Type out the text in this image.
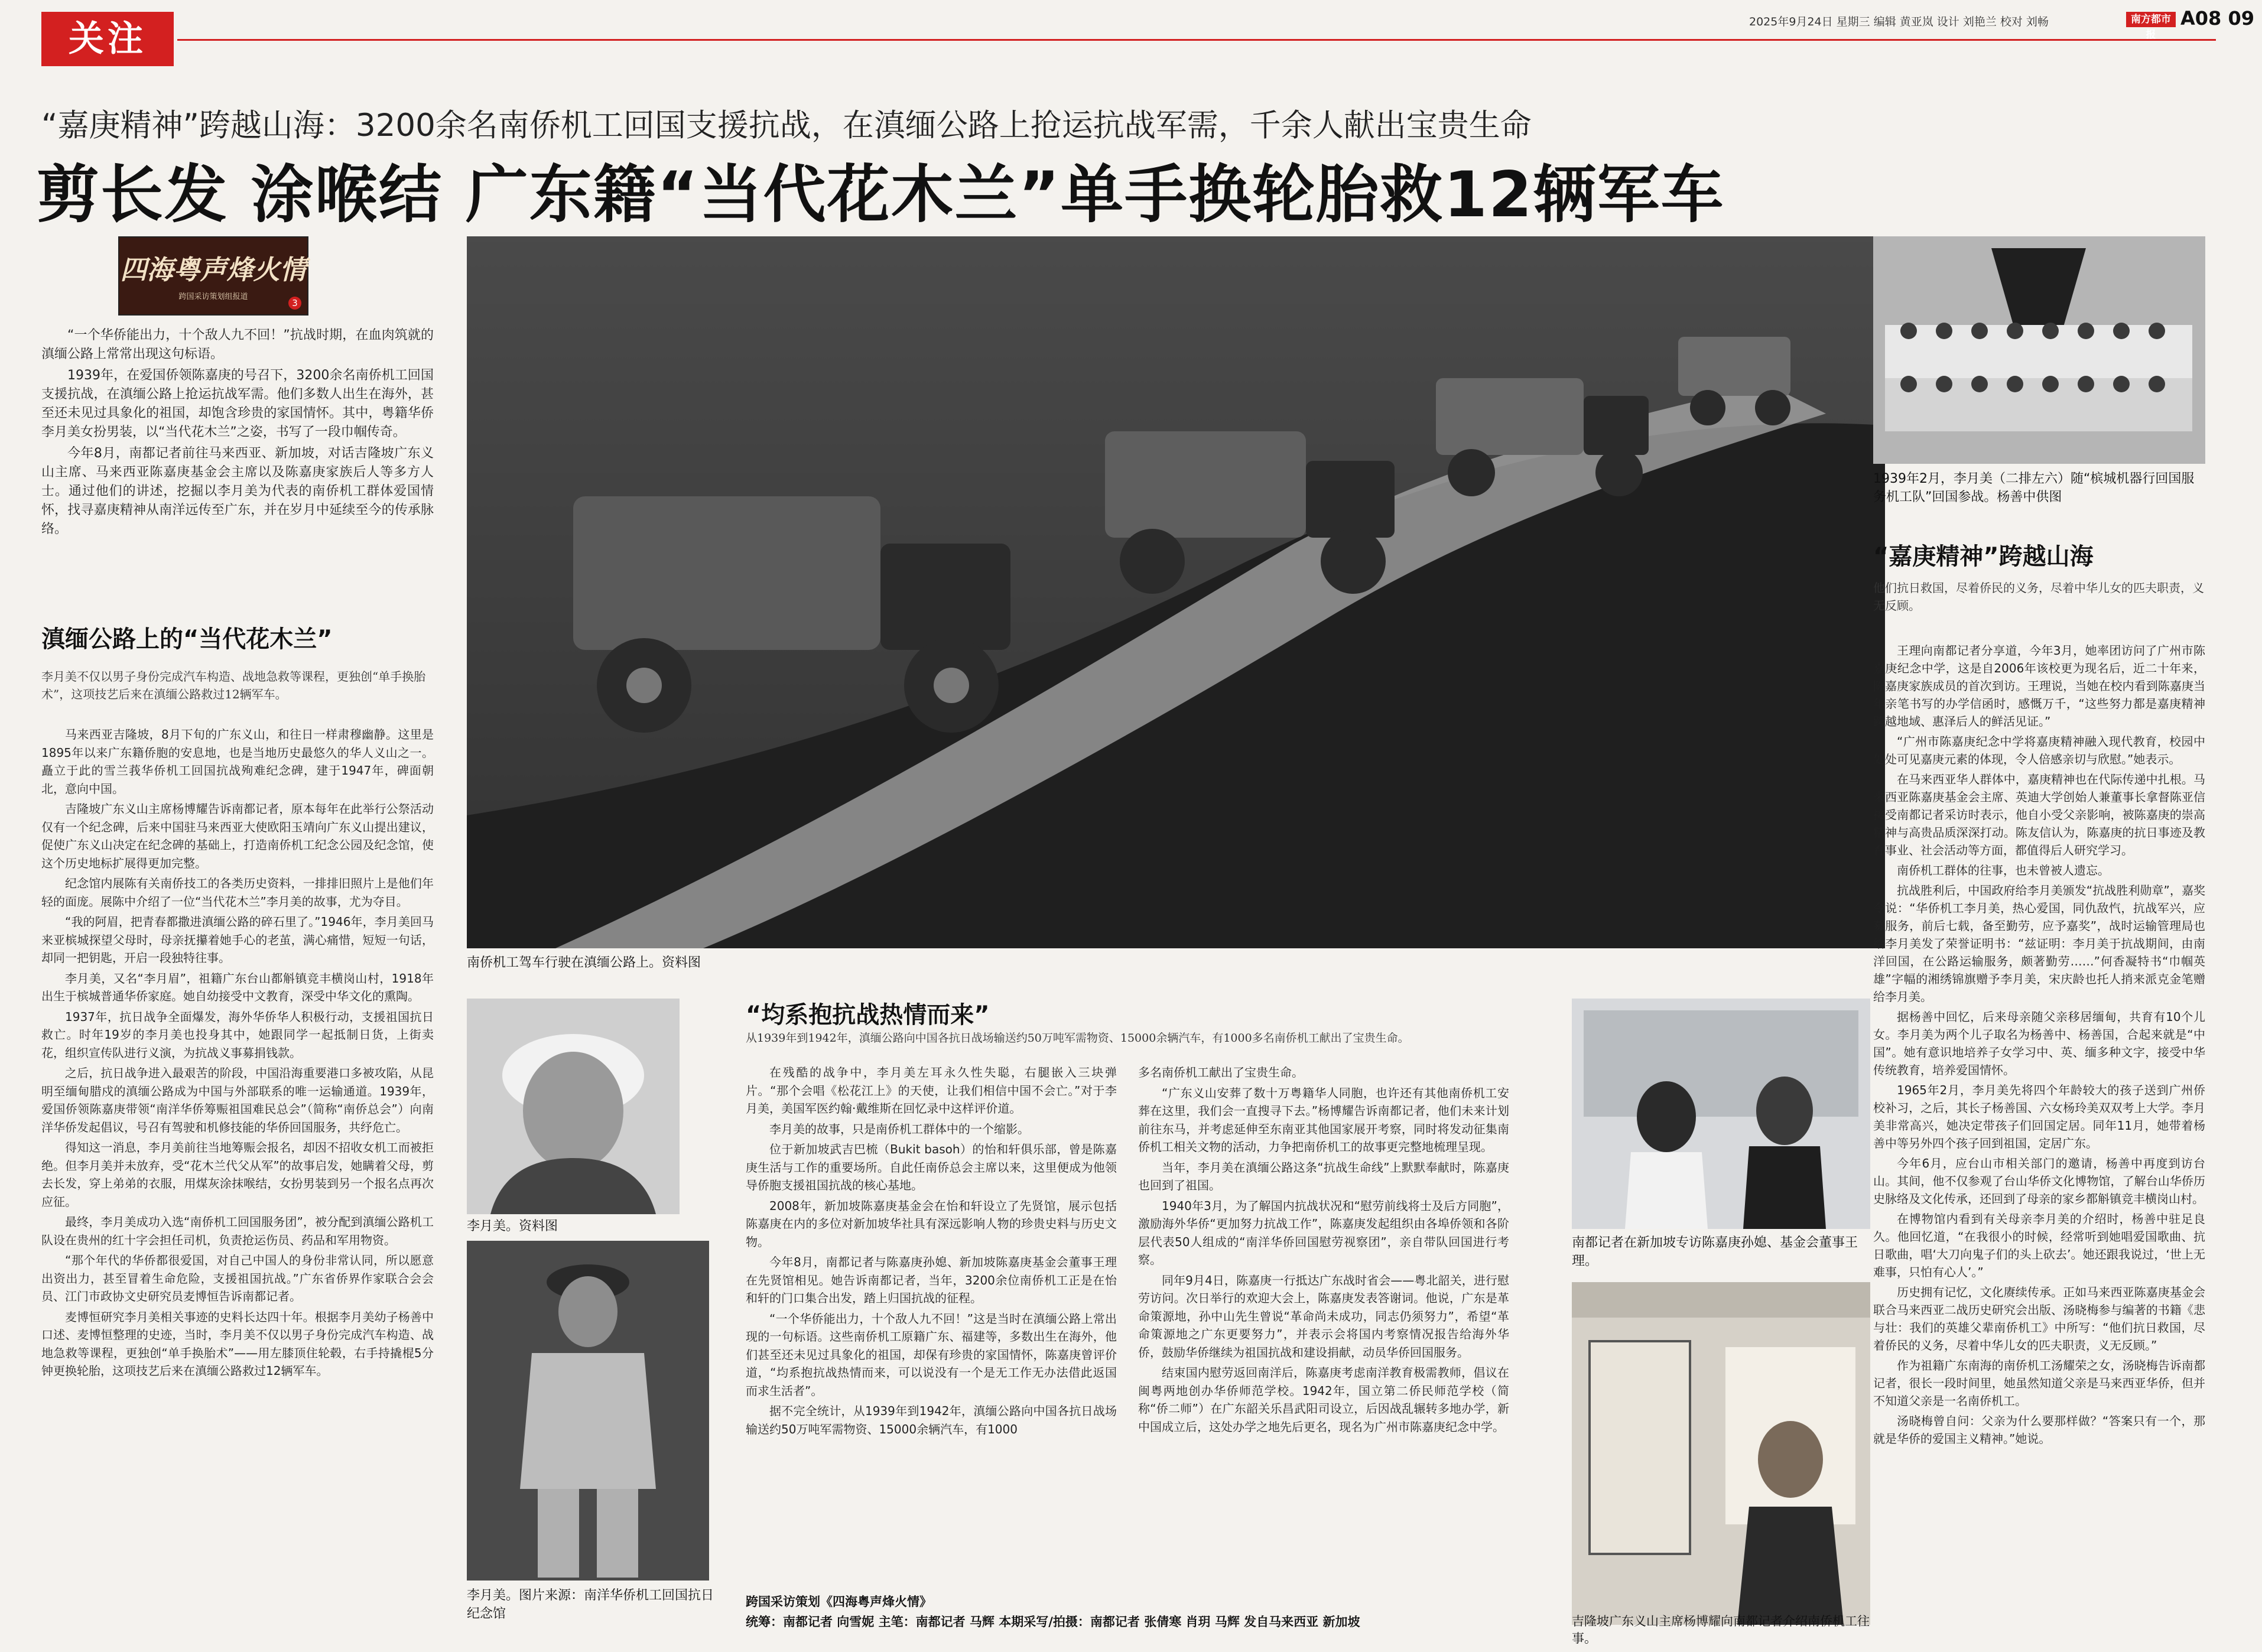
关注	2025年9月24日 星期三 编辑 黄亚岚 设计 刘艳兰 校对 刘畅	南方都市报
A08 09
“嘉庚精神”跨越山海：3200余名南侨机工回国支援抗战，在滇缅公路上抢运抗战军需，千余人献出宝贵生命
剪长发 涂喉结 广东籍“当代花木兰”单手换轮胎救12辆军车
四海粤声烽火情
跨国采访策划组报道
3

“一个华侨能出力，十个敌人九不回！”抗战时期，在血肉筑就的滇缅公路上常常出现这句标语。

1939年，在爱国侨领陈嘉庚的号召下，3200余名南侨机工回国支援抗战，在滇缅公路上抢运抗战军需。他们多数人出生在海外，甚至还未见过具象化的祖国，却饱含珍贵的家国情怀。其中，粤籍华侨李月美女扮男装，以“当代花木兰”之姿，书写了一段巾帼传奇。

今年8月，南都记者前往马来西亚、新加坡，对话吉隆坡广东义山主席、马来西亚陈嘉庚基金会主席以及陈嘉庚家族后人等多方人士。通过他们的讲述，挖掘以李月美为代表的南侨机工群体爱国情怀，找寻嘉庚精神从南洋远传至广东，并在岁月中延续至今的传承脉络。

滇缅公路上的“当代花木兰”
李月美不仅以男子身份完成汽车构造、战地急救等课程，更独创“单手换胎术”，这项技艺后来在滇缅公路救过12辆军车。

马来西亚吉隆坡，8月下旬的广东义山，和往日一样肃穆幽静。这里是1895年以来广东籍侨胞的安息地，也是当地历史最悠久的华人义山之一。矗立于此的雪兰莪华侨机工回国抗战殉难纪念碑，建于1947年，碑面朝北，意向中国。

吉隆坡广东义山主席杨博耀告诉南都记者，原本每年在此举行公祭活动仅有一个纪念碑，后来中国驻马来西亚大使欧阳玉靖向广东义山提出建议，促使广东义山决定在纪念碑的基础上，打造南侨机工纪念公园及纪念馆，使这个历史地标扩展得更加完整。

纪念馆内展陈有关南侨技工的各类历史资料，一排排旧照片上是他们年轻的面庞。展陈中介绍了一位“当代花木兰”李月美的故事，尤为夺目。

“我的阿眉，把青春都撒进滇缅公路的碎石里了。”1946年，李月美回马来亚槟城探望父母时，母亲抚攥着她手心的老茧，满心痛惜，短短一句话，却同一把钥匙，开启一段独特往事。

李月美，又名“李月眉”，祖籍广东台山都斛镇竞丰横岗山村，1918年出生于槟城普通华侨家庭。她自幼接受中文教育，深受中华文化的熏陶。

1937年，抗日战争全面爆发，海外华侨华人积极行动，支援祖国抗日救亡。时年19岁的李月美也投身其中，她跟同学一起抵制日货，上街卖花，组织宣传队进行义演，为抗战义事募捐钱款。

之后，抗日战争进入最艰苦的阶段，中国沿海重要港口多被攻陷，从昆明至缅甸腊戍的滇缅公路成为中国与外部联系的唯一运输通道。1939年，爱国侨领陈嘉庚带领“南洋华侨筹赈祖国难民总会”（简称“南侨总会”）向南洋华侨发起倡议，号召有驾驶和机修技能的华侨回国服务，共纾危亡。

得知这一消息，李月美前往当地筹赈会报名，却因不招收女机工而被拒绝。但李月美并未放弃，受“花木兰代父从军”的故事启发，她瞒着父母，剪去长发，穿上弟弟的衣服，用煤灰涂抹喉结，女扮男装到另一个报名点再次应征。

最终，李月美成功入选“南侨机工回国服务团”，被分配到滇缅公路机工队设在贵州的红十字会担任司机，负责抢运伤员、药品和军用物资。

“那个年代的华侨都很爱国，对自己中国人的身份非常认同，所以愿意出资出力，甚至冒着生命危险，支援祖国抗战。”广东省侨界作家联合会会员、江门市政协文史研究员麦博恒告诉南都记者。

麦博恒研究李月美相关事迹的史料长达四十年。根据李月美幼子杨善中口述、麦博恒整理的史迹，当时，李月美不仅以男子身份完成汽车构造、战地急救等课程，更独创“单手换胎术”——用左膝顶住轮毂，右手持撬棍5分钟更换轮胎，这项技艺后来在滇缅公路救过12辆军车。

南侨机工驾车行驶在滇缅公路上。资料图
李月美。资料图
李月美。图片来源：南洋华侨机工回国抗日纪念馆
“均系抱抗战热情而来”
从1939年到1942年，滇缅公路向中国各抗日战场输送约50万吨军需物资、15000余辆汽车，有1000多名南侨机工献出了宝贵生命。

在残酷的战争中，李月美左耳永久性失聪，右腿嵌入三块弹片。“那个会唱《松花江上》的天使，让我们相信中国不会亡。”对于李月美，美国军医约翰·戴维斯在回忆录中这样评价道。

李月美的故事，只是南侨机工群体中的一个缩影。

位于新加坡武吉巴梳（Bukit basoh）的怡和轩俱乐部，曾是陈嘉庚生活与工作的重要场所。自此任南侨总会主席以来，这里便成为他领导侨胞支援祖国抗战的核心基地。

2008年，新加坡陈嘉庚基金会在怡和轩设立了先贤馆，展示包括陈嘉庚在内的多位对新加坡华社具有深远影响人物的珍贵史料与历史文物。

今年8月，南都记者与陈嘉庚孙媳、新加坡陈嘉庚基金会董事王理在先贤馆相见。她告诉南都记者，当年，3200余位南侨机工正是在怡和轩的门口集合出发，踏上归国抗战的征程。

“一个华侨能出力，十个敌人九不回！”这是当时在滇缅公路上常出现的一句标语。这些南侨机工原籍广东、福建等，多数出生在海外，他们甚至还未见过具象化的祖国，却保有珍贵的家国情怀，陈嘉庚曾评价道，“均系抱抗战热情而来，可以说没有一个是无工作无办法借此返国而求生活者”。

据不完全统计，从1939年到1942年，滇缅公路向中国各抗日战场输送约50万吨军需物资、15000余辆汽车，有1000

多名南侨机工献出了宝贵生命。

“广东义山安葬了数十万粤籍华人同胞，也许还有其他南侨机工安葬在这里，我们会一直搜寻下去。”杨博耀告诉南都记者，他们未来计划前往东马，并考虑延伸至东南亚其他国家展开考察，同时将发动征集南侨机工相关文物的活动，力争把南侨机工的故事更完整地梳理呈现。

当年，李月美在滇缅公路这条“抗战生命线”上默默奉献时，陈嘉庚也回到了祖国。

1940年3月，为了解国内抗战状况和“慰劳前线将士及后方同胞”，激励海外华侨“更加努力抗战工作”，陈嘉庚发起组织由各埠侨领和各阶层代表50人组成的“南洋华侨回国慰劳视察团”，亲自带队回国进行考察。

同年9月4日，陈嘉庚一行抵达广东战时省会——粤北韶关，进行慰劳访问。次日举行的欢迎大会上，陈嘉庚发表答谢词。他说，广东是革命策源地，孙中山先生曾说“革命尚未成功，同志仍须努力”，希望“革命策源地之广东更要努力”，并表示会将国内考察情况报告给海外华侨，鼓励华侨继续为祖国抗战和建设捐献，动员华侨回国服务。

结束国内慰劳返回南洋后，陈嘉庚考虑南洋教育极需教师，倡议在闽粤两地创办华侨师范学校。1942年，国立第二侨民师范学校（简称“侨二师”）在广东韶关乐昌武阳司设立，后因战乱辗转多地办学，新中国成立后，这处办学之地先后更名，现名为广州市陈嘉庚纪念中学。

跨国采访策划《四海粤声烽火情》
统筹：南都记者 向雪妮 主笔：南都记者 马辉 本期采写/拍摄：南都记者 张倩寒 肖玥 马辉 发自马来西亚 新加坡
南都记者在新加坡专访陈嘉庚孙媳、基金会董事王理。
吉隆坡广东义山主席杨博耀向南都记者介绍南侨机工往事。
1939年2月，李月美（二排左六）随“槟城机器行回国服务机工队”回国参战。杨善中供图
“嘉庚精神”跨越山海
他们抗日救国，尽着侨民的义务，尽着中华儿女的匹夫职责，义无反顾。

王理向南都记者分享道，今年3月，她率团访问了广州市陈嘉庚纪念中学，这是自2006年该校更为现名后，近二十年来，陈嘉庚家族成员的首次到访。王理说，当她在校内看到陈嘉庚当年亲笔书写的办学信函时，感慨万千，“这些努力都是嘉庚精神跨越地域、惠泽后人的鲜活见证。”

“广州市陈嘉庚纪念中学将嘉庚精神融入现代教育，校园中处处可见嘉庚元素的体现，令人倍感亲切与欣慰。”她表示。

在马来西亚华人群体中，嘉庚精神也在代际传递中扎根。马来西亚陈嘉庚基金会主席、英迪大学创始人兼董事长拿督陈亚信接受南都记者采访时表示，他自小受父亲影响，被陈嘉庚的崇高精神与高贵品质深深打动。陈友信认为，陈嘉庚的抗日事迹及教育事业、社会活动等方面，都值得后人研究学习。

南侨机工群体的往事，也未曾被人遗忘。

抗战胜利后，中国政府给李月美颁发“抗战胜利勋章”，嘉奖令说：“华侨机工李月美，热心爱国，同仇敌忾，抗战军兴，应募服务，前后七载，备至勤劳，应予嘉奖”，战时运输管理局也给李月美发了荣誉证明书：“兹证明：李月美于抗战期间，由南洋回国，在公路运输服务，颇著勤劳……”何香凝特书“巾帼英雄”字幅的湘绣锦旗赠予李月美，宋庆龄也托人捎来派克金笔赠给李月美。

据杨善中回忆，后来母亲随父亲移居缅甸，共育有10个儿女。李月美为两个儿子取名为杨善中、杨善国，合起来就是“中国”。她有意识地培养子女学习中、英、缅多种文字，接受中华传统教育，培养爱国情怀。

1965年2月，李月美先将四个年龄较大的孩子送到广州侨校补习，之后，其长子杨善国、六女杨玲美双双考上大学。李月美非常高兴，她决定带孩子们回国定居。同年11月，她带着杨善中等另外四个孩子回到祖国，定居广东。

今年6月，应台山市相关部门的邀请，杨善中再度到访台山。其间，他不仅参观了台山华侨文化博物馆，了解台山华侨历史脉络及文化传承，还回到了母亲的家乡都斛镇竞丰横岗山村。

在博物馆内看到有关母亲李月美的介绍时，杨善中驻足良久。他回忆道，“在我很小的时候，经常听到她唱爱国歌曲、抗日歌曲，唱‘大刀向鬼子们的头上砍去’。她还跟我说过，‘世上无难事，只怕有心人’。”

历史拥有记忆，文化赓续传承。正如马来西亚陈嘉庚基金会联合马来西亚二战历史研究会出版、汤晓梅参与编著的书籍《悲与壮：我们的英雄父辈南侨机工》中所写：“他们抗日救国，尽着侨民的义务，尽着中华儿女的匹夫职责，义无反顾。”

作为祖籍广东南海的南侨机工汤耀荣之女，汤晓梅告诉南都记者，很长一段时间里，她虽然知道父亲是马来西亚华侨，但并不知道父亲是一名南侨机工。

汤晓梅曾自问：父亲为什么要那样做？“答案只有一个，那就是华侨的爱国主义精神。”她说。
